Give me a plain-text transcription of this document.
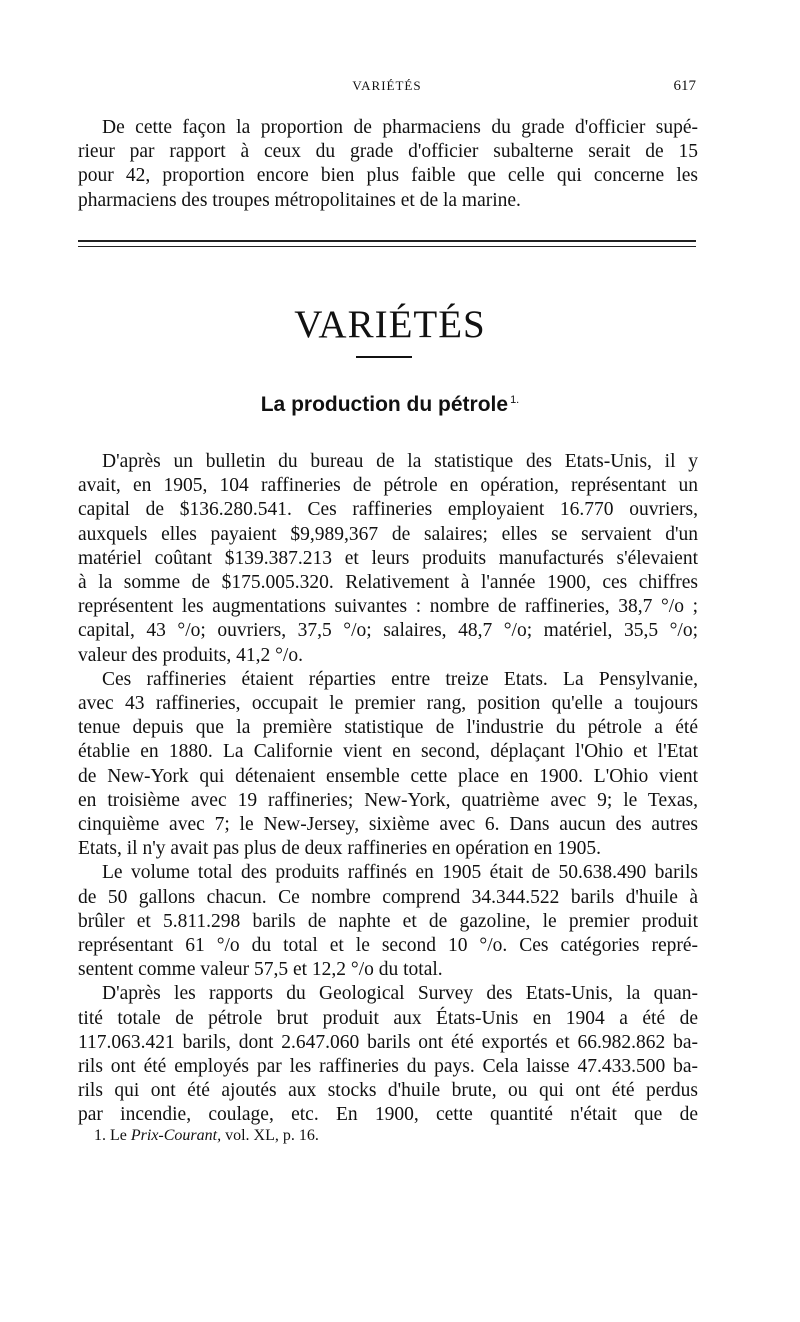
VARIÉTÉS	617
De cette façon la proportion de pharmaciens du grade d'officier supé-
rieur par rapport à ceux du grade d'officier subalterne serait de 15
pour 42, proportion encore bien plus faible que celle qui concerne les
pharmaciens des troupes métropolitaines et de la marine.
VARIÉTÉS
La production du pétrole $^{1.}$
D'après un bulletin du bureau de la statistique des Etats-Unis, il y
avait, en 1905, 104 raffineries de pétrole en opération, représentant un
capital de $136.280.541. Ces raffineries employaient 16.770 ouvriers,
auxquels elles payaient $9,989,367 de salaires; elles se servaient d'un
matériel coûtant $139.387.213 et leurs produits manufacturés s'élevaient
à la somme de $175.005.320. Relativement à l'année 1900, ces chiffres
représentent les augmentations suivantes : nombre de raffineries, 38,7 °/o ;
capital, 43 °/o; ouvriers, 37,5 °/o; salaires, 48,7 °/o; matériel, 35,5 °/o;
valeur des produits, 41,2 °/o.
Ces raffineries étaient réparties entre treize Etats. La Pensylvanie,
avec 43 raffineries, occupait le premier rang, position qu'elle a toujours
tenue depuis que la première statistique de l'industrie du pétrole a été
établie en 1880. La Californie vient en second, déplaçant l'Ohio et l'Etat
de New-York qui détenaient ensemble cette place en 1900. L'Ohio vient
en troisième avec 19 raffineries; New-York, quatrième avec 9; le Texas,
cinquième avec 7; le New-Jersey, sixième avec 6. Dans aucun des autres
Etats, il n'y avait pas plus de deux raffineries en opération en 1905.
Le volume total des produits raffinés en 1905 était de 50.638.490 barils
de 50 gallons chacun. Ce nombre comprend 34.344.522 barils d'huile à
brûler et 5.811.298 barils de naphte et de gazoline, le premier produit
représentant 61 °/o du total et le second 10 °/o. Ces catégories repré-
sentent comme valeur 57,5 et 12,2 °/o du total.
D'après les rapports du Geological Survey des Etats-Unis, la quan-
tité totale de pétrole brut produit aux États-Unis en 1904 a été de
117.063.421 barils, dont 2.647.060 barils ont été exportés et 66.982.862 ba-
rils ont été employés par les raffineries du pays. Cela laisse 47.433.500 ba-
rils qui ont été ajoutés aux stocks d'huile brute, ou qui ont été perdus
par incendie, coulage, etc. En 1900, cette quantité n'était que de
1. Le Prix-Courant, vol. XL, p. 16.
